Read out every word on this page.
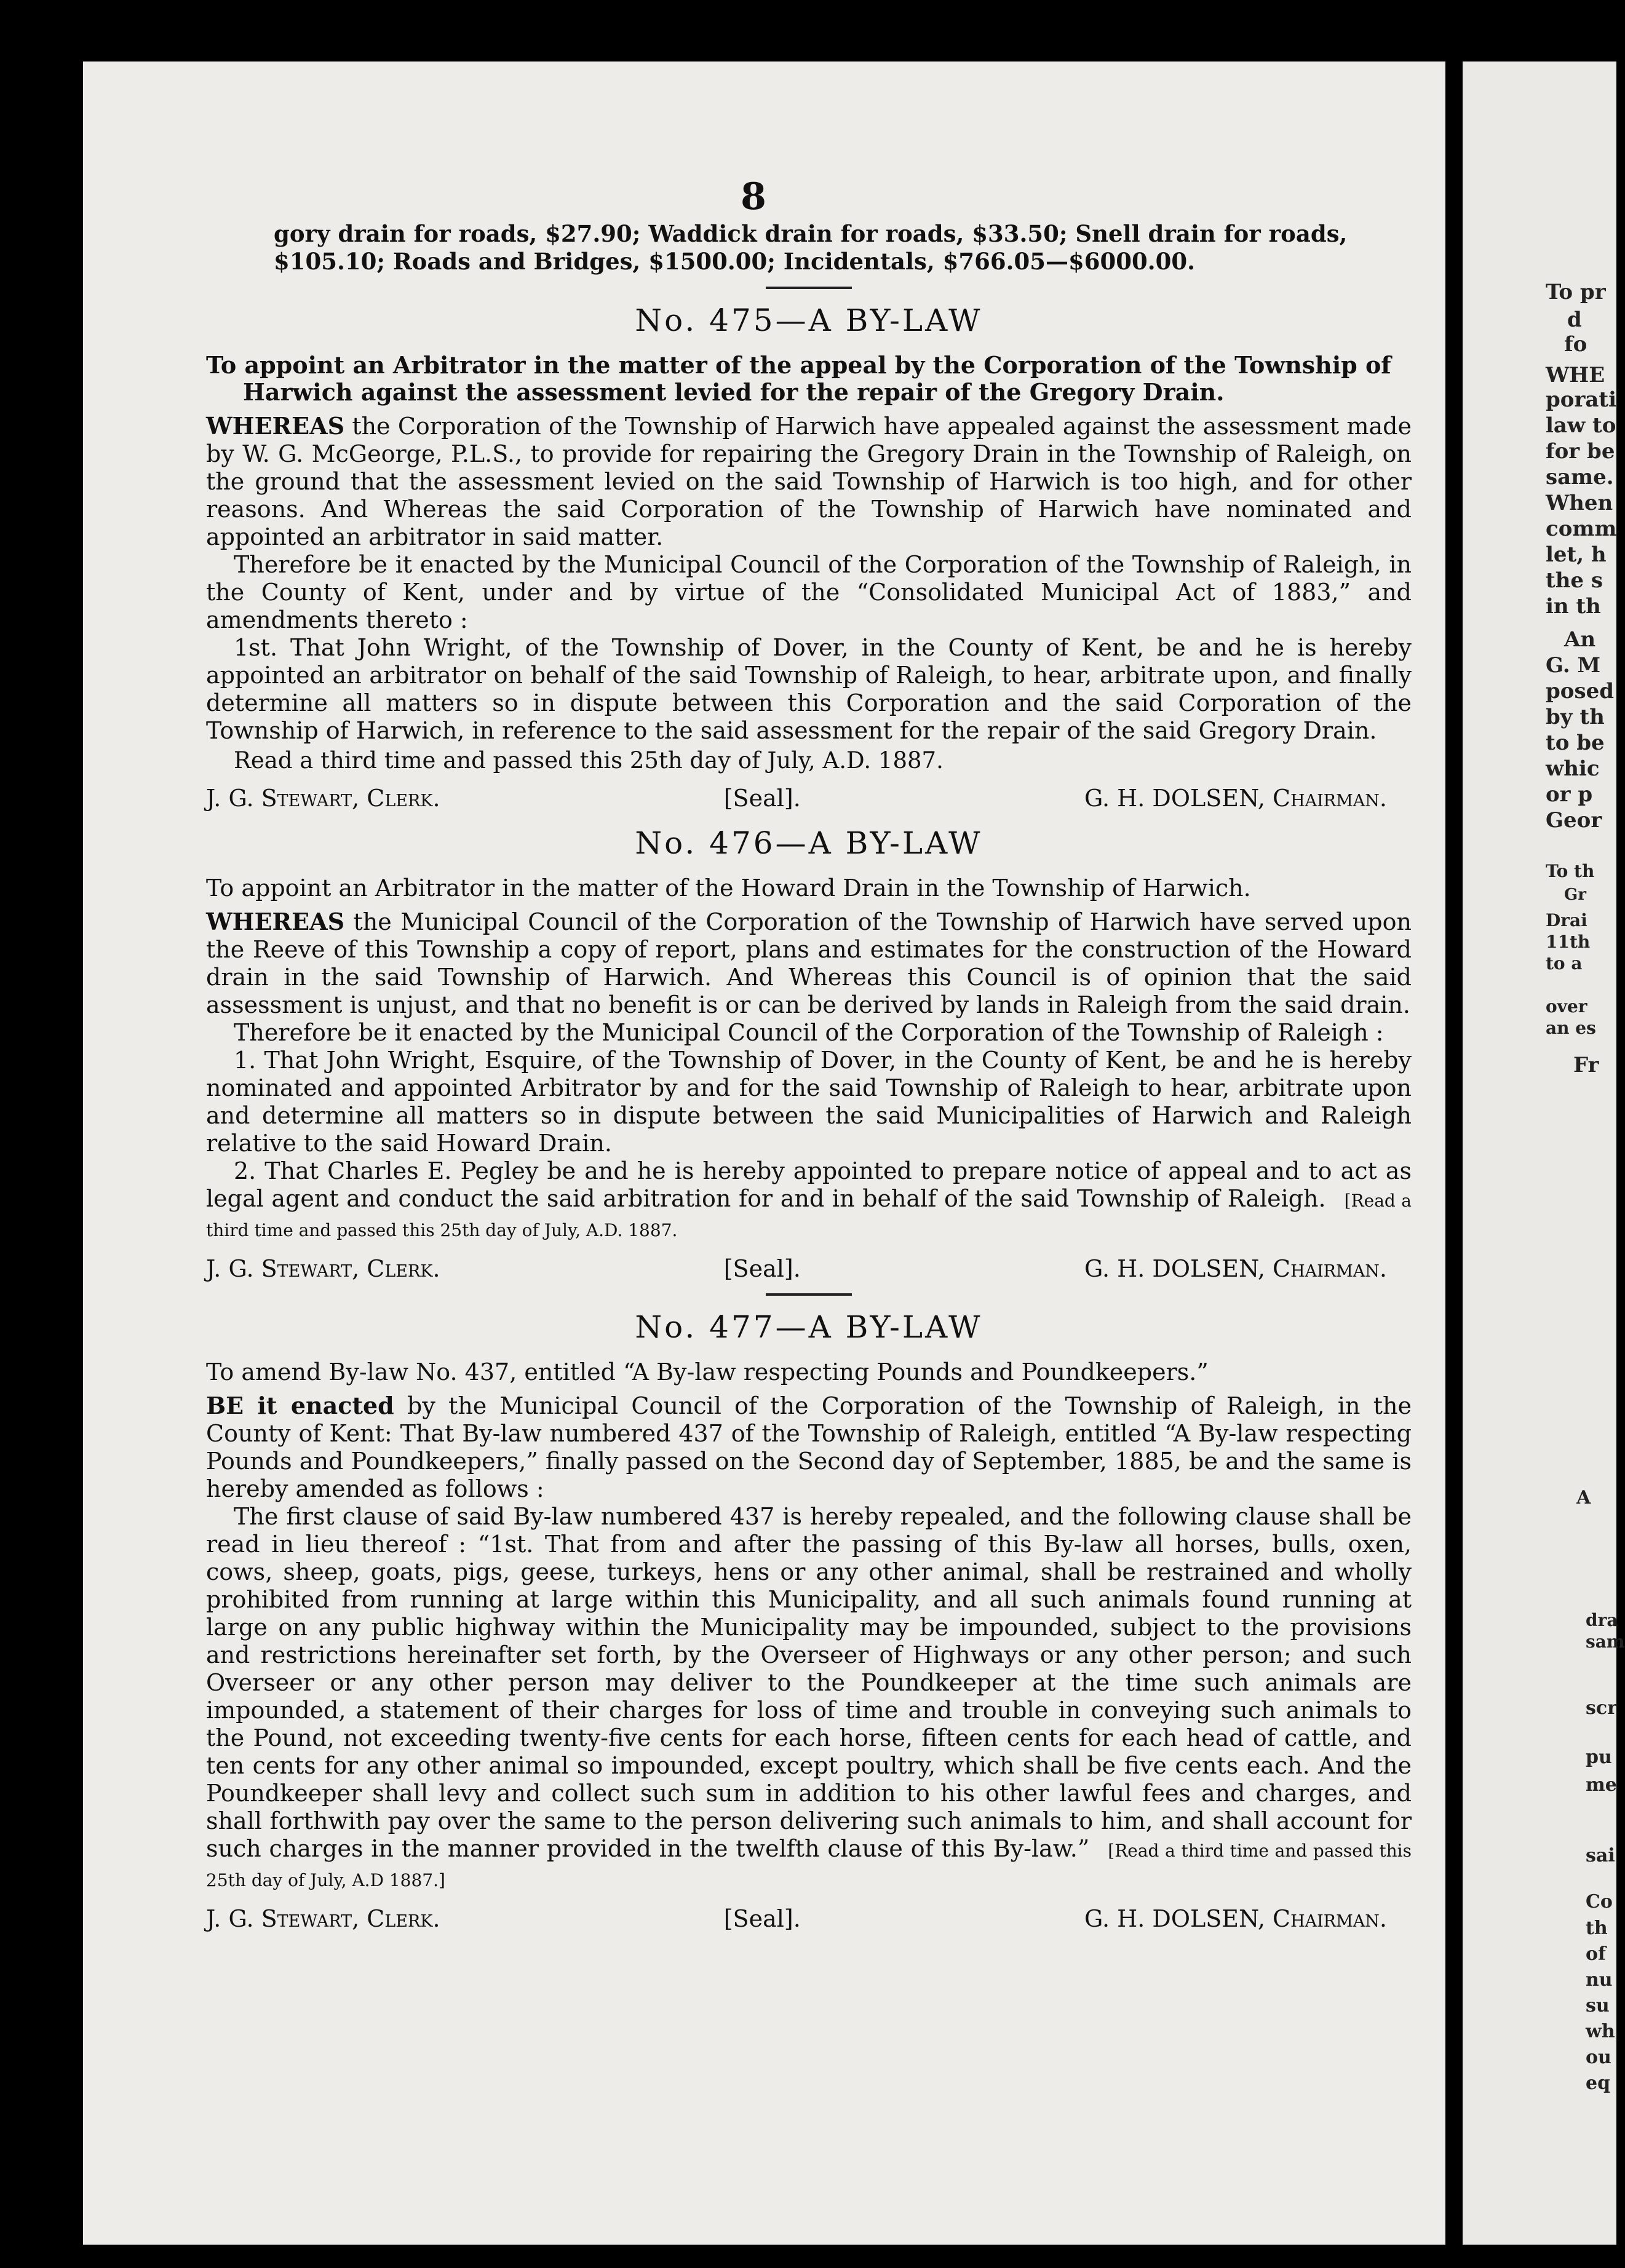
To pr
d
fo
WHE
porati
law to
for be
same.
When
comm
let, h
the s
in th
An
G. M
posed
by th
to be
whic
or p
Geor
To th
Gr
Drai
11th
to a
over
an es
Fr
A
dra
sam
scr
pu
me
sai
Co
th
of
nu
su
wh
ou
eq
8

gory drain for roads, $27.90; Waddick drain for roads, $33.50; Snell drain for roads, $105.10; Roads and Bridges, $1500.00; Incidentals, $766.05—$6000.00.

No. 475—A BY-LAW

To appoint an Arbitrator in the matter of the appeal by the Corporation of the Township of Harwich against the assessment levied for the repair of the Gregory Drain.

WHEREAS the Corporation of the Township of Harwich have appealed against the assessment made by W. G. McGeorge, P.L.S., to provide for repairing the Gregory Drain in the Township of Raleigh, on the ground that the assessment levied on the said Township of Harwich is too high, and for other reasons. And Whereas the said Corporation of the Township of Harwich have nominated and appointed an arbitrator in said matter.

Therefore be it enacted by the Municipal Council of the Corporation of the Township of Raleigh, in the County of Kent, under and by virtue of the “Consolidated Municipal Act of 1883,” and amendments thereto :

1st. That John Wright, of the Township of Dover, in the County of Kent, be and he is hereby appointed an arbitrator on behalf of the said Township of Raleigh, to hear, arbitrate upon, and finally determine all matters so in dispute between this Corporation and the said Corporation of the Township of Harwich, in reference to the said assessment for the repair of the said Gregory Drain.

Read a third time and passed this 25th day of July, A.D. 1887.

J. G. Stewart, Clerk.	[Seal].	G. H. DOLSEN, Chairman.
No. 476—A BY-LAW

To appoint an Arbitrator in the matter of the Howard Drain in the Township of Harwich.

WHEREAS the Municipal Council of the Corporation of the Township of Harwich have served upon the Reeve of this Township a copy of report, plans and estimates for the construction of the Howard drain in the said Township of Harwich. And Whereas this Council is of opinion that the said assessment is unjust, and that no benefit is or can be derived by lands in Raleigh from the said drain.

Therefore be it enacted by the Municipal Council of the Corporation of the Township of Raleigh :

1. That John Wright, Esquire, of the Township of Dover, in the County of Kent, be and he is hereby nominated and appointed Arbitrator by and for the said Township of Raleigh to hear, arbitrate upon and determine all matters so in dispute between the said Municipalities of Harwich and Raleigh relative to the said Howard Drain.

2. That Charles E. Pegley be and he is hereby appointed to prepare notice of appeal and to act as legal agent and conduct the said arbitration for and in behalf of the said Township of Raleigh. [Read a third time and passed this 25th day of July, A.D. 1887.

J. G. Stewart, Clerk.	[Seal].	G. H. DOLSEN, Chairman.
No. 477—A BY-LAW

To amend By-law No. 437, entitled “A By-law respecting Pounds and Poundkeepers.”

BE it enacted by the Municipal Council of the Corporation of the Township of Raleigh, in the County of Kent: That By-law numbered 437 of the Township of Raleigh, entitled “A By-law respecting Pounds and Poundkeepers,” finally passed on the Second day of September, 1885, be and the same is hereby amended as follows :

The first clause of said By-law numbered 437 is hereby repealed, and the following clause shall be read in lieu thereof : “1st. That from and after the passing of this By-law all horses, bulls, oxen, cows, sheep, goats, pigs, geese, turkeys, hens or any other animal, shall be restrained and wholly prohibited from running at large within this Municipality, and all such animals found running at large on any public highway within the Municipality may be impounded, subject to the provisions and restrictions hereinafter set forth, by the Overseer of Highways or any other person; and such Overseer or any other person may deliver to the Poundkeeper at the time such animals are impounded, a statement of their charges for loss of time and trouble in conveying such animals to the Pound, not exceeding twenty-five cents for each horse, fifteen cents for each head of cattle, and ten cents for any other animal so impounded, except poultry, which shall be five cents each. And the Poundkeeper shall levy and collect such sum in addition to his other lawful fees and charges, and shall forthwith pay over the same to the person delivering such animals to him, and shall account for such charges in the manner provided in the twelfth clause of this By-law.” [Read a third time and passed this 25th day of July, A.D 1887.]

J. G. Stewart, Clerk.	[Seal].	G. H. DOLSEN, Chairman.
